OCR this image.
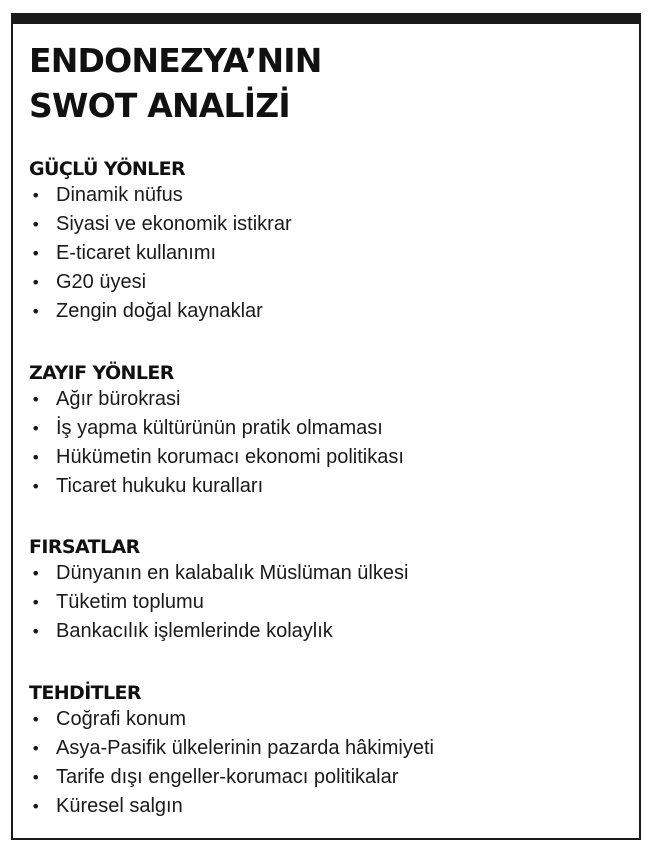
ENDONEZYA’NIN
SWOT ANALİZİ
GÜÇLÜ YÖNLER
• Dinamik nüfus
• Siyasi ve ekonomik istikrar
• E-ticaret kullanımı
• G20 üyesi
• Zengin doğal kaynaklar
ZAYIF YÖNLER
• Ağır bürokrasi
• İş yapma kültürünün pratik olmaması
• Hükümetin korumacı ekonomi politikası
• Ticaret hukuku kuralları
FIRSATLAR
• Dünyanın en kalabalık Müslüman ülkesi
• Tüketim toplumu
• Bankacılık işlemlerinde kolaylık
TEHDİTLER
• Coğrafi konum
• Asya-Pasifik ülkelerinin pazarda hâkimiyeti
• Tarife dışı engeller-korumacı politikalar
• Küresel salgın
